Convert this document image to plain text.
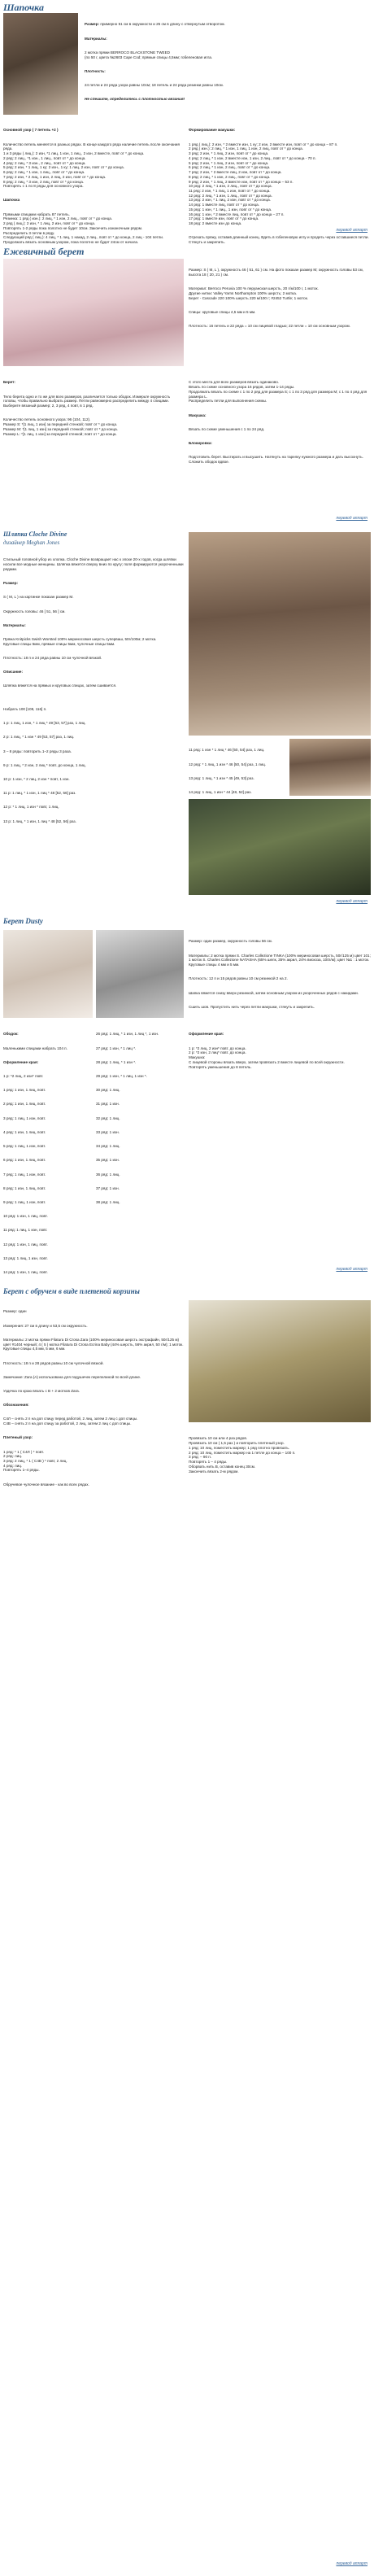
Шапочка

Размер: примерно 51 см в окружности и 25 см в длину с отвернутым отворотом.

Материалы:

2 мотка пряжи BERROCO BLACKSTONE TWEED
(по 50 г, цвета №2603 Cape Cod; прямые спицы 4,5мм; гобеленовая игла.

Плотность:

24 петли и 24 ряда узора равны 10см; 18 петель и 24 ряда резинки равны 10см.

Не спешите, определитесь с плотностью вязания!

Основной узор ( 7 петель +2 )

Количество петель меняется в разных рядах. В конце каждого ряда наличие петель после окончания ряда.
1 и 3 ряды ( лиц.): 2 изн, *1 лиц, 1 изн, 1 лиц., 2 изн, 2 вместе, повт от * до конца.
2 ряд: 2 лиц., *1 изн., 1 лиц., повт от * до конца.
4 ряд: 2 лиц, * 3 изн., 2 лиц., повт от * до конца.
5 ряд: 2 изн, * 1 лиц, 1 ку; 2 изн., 1 ку; 1 лиц, 2 изн, повт от * до конца.
6 ряд: 2 лиц, * 1 изн, 1 лиц., повт от * до конца.
7 ряд: 2 изн, * 2 лиц, 1 изн, 2 лиц, 2 изн, повт от * до конца.
8 ряд: 2 лиц, * 3 изн, 2 лиц, повт от * до конца.
Повторять с 1 по 8 ряды для основного узора.

Шапочка

Прямыми спицами набрать 87 петель.
Резинка: 1 ряд ( изн.): 2 лиц, * 1 изн, 2 лиц., повт от * до конца.
2 ряд ( лиц.): 2 изн, * 1 лиц, 2 изн, повт от * до конца.
Повторять 1-2 ряды пока полотно не будет 10см. Закончить изнаночным рядом.
Распределить 3 петли в ряду.
Следующий ряд ( лиц.): 4 лиц, * 1 лиц, 1 накид, 2 лиц., повт от * до конца, 2 лиц - 104 петли.
Продолжать вязать основным узором, пока полотно не будет 24см от начала.

Формирование макушки:

1 ряд ( лиц.): 2 изн, * 2 вместе изн, 1 ку; 2 изн, 2 вместе изн, повт от * до конца – 87 п.
2 ряд ( изн.): 2 лиц, * 1 изн, 1 лиц, 1 изн, 2 лиц, повт от * до конца.
3 ряд: 2 изн, * 1 лиц, 2 изн, повт от * до конца.
4 ряд: 2 лиц, * 1 изн, 2 вместе изн, 1 изн, 2 лиц., повт от * до конца - 70 п.
5 ряд: 2 изн, * 1 лиц, 2 изн, повт от * до конца.
6 ряд: 2 лиц, * 1 изн, 2 лиц., повт от * до конца.
7 ряд: 2 изн, * 2 вместе лиц, 2 изн, повт от * до конца.
8 ряд: 2 лиц, * 1 изн, 2 лиц., повт от * до конца.
9 ряд: 2 изн, * 1 лиц, 2 вместе изн, повт от * до конца – 53 п.
10 ряд: 2 лиц, * 1 изн, 2 лиц., повт от * до конца.
11 ряд: 2 изн, * 1 лиц, 1 изн, повт от * до конца.
12 ряд: 2 лиц, * 1 изн, 1 лиц., повт от * до конца.
13 ряд: 2 изн, * 1 лиц, 2 изн, повт от * до конца.
14 ряд: 1 вместе лиц, повт от * до конца.
15 ряд: 1 изн, * 1 лиц., 1 изн, повт от * до конца.
16 ряд: 1 изн, * 2 вместе лиц, повт от * до конца – 27 п.
17 ряд: 1 вместе изн, повт от * до конца.
18 ряд: 2 вместе изн до конца.

Отрезать пряжу, оставив длинный конец. Вдеть в гобеленовую иглу и продеть через оставшиеся петли. Стянуть и закрепить.

перевод апларт
Ежевичный берет

Размер: S ( M, L ), окружность 46 ( 51, 61 ) см. На фото показан размер M; окружность головы 53 см, высота 18 ( 20, 21 ) см.

Материал: Berroco Peruvia 100 % перуанская шерсть, 20 г/м/100 г, 1 моток.
Другие нитки: Valley Yarns Northampton 100% шерсть; 2 мотка.
Берет - Cascade 220 100% шерсть 220 м/100 г; #2452 Turtle; 1 моток.

Спицы: круговые спицы 4,5 мм и 5 мм.

Плотность: 16 петель и 22 ряда = 10 см лицевой гладью; 22 петли = 10 см основным узором.

Берет:

Тело берета одно и то же для всех размеров, различается только ободок. Измерьте окружность головы, чтобы правильно выбрать размер. Петли равномерно распределить между 4 спицами.
Выберите вязаный размер; 2, 3 ряд, 4 повт, в 1 ряд.

Количество петель основного узора: 96 (104, 112).
Размер S: *[1 лиц, 1 изн] за передней стенкой; повт от * до конца.
Размер M: *[1 лиц, 1 изн] за передней стенкой; повт от * до конца.
Размер L: *[1 лиц, 1 изн] за передней стенкой; повт от * до конца.

С этого места для всех размеров вязать одинаково.
Вязать по схеме основного узора 16 рядов, затем 1-14 ряды.
Продолжать вязать по схеме с 1 по 2 ряд для размера S; с 1 по 3 ряд для размера M; с 1 по 4 ряд для размера L.
Распределить петли для выполнения схемы.

Макушка:

Вязать по схеме уменьшения с 1 по 24 ряд.

Блокировка:

Подготовить берет. Выстирать и высушить. Натянуть на тарелку нужного размера и дать высохнуть. Сложить ободок вдвое.

перевод апларт
Шляпка Cloche Divine
дизайнер Meghan Jones

Стильный головной убор из хлопка. Cloche Divine возвращает нас к эпохе 20-х годов, когда шляпки носили все модные женщины. Шляпка вяжется сверху вниз по кругу; поля формируются укороченными рядами.

Размер:

S ( M, L ) на картинке показан размер M.

Окружность головы: 46 [ 51, 56 ] см.

Материалы:

Пряжа Knitpicks Swish Worsted 100% мериносовая шерсть суперваш, 50г/100м; 2 мотка.
Круговые спицы 5мм, прямые спицы 5мм, чулочные спицы 5мм.

Плотность: 18 п и 24 ряда равны 10 см чулочной вязкой.

Описание:

Шляпка вяжется на прямых и круговых спицах, затем сшивается.

Набрать 100 [108, 116] п.

1 р: 1 лиц, 1 изн, * 1 лиц * 49 [53, 57] раз, 1 лиц.

2 р: 1 лиц, * 1 изн * 49 [53, 57] раз, 1 лиц.

3 – 8 ряды: повторить 1–2 ряды 3 раза.

9 р: 1 лиц, * 2 изн, 2 лиц * повт. до конца, 1 лиц.

10 р: 1 изн, * 2 лиц, 2 изн * повт, 1 изн.

11 р: 1 лиц, * 1 изн, 1 лиц * 48 [52, 56] раз.

12 р: * 1 лиц, 1 изн * повт, 1 лиц.

13 р: 1 лиц, * 1 изн, 1 лиц * 48 [52, 56] раз.

11 ряд: 1 изн * 1 лиц * 46 [50, 54] раз, 1 лиц.

12 ряд: * 1 лиц, 1 изн * 46 [50, 54] раз, 1 лиц.

13 ряд: 1 лиц, * 1 изн * 45 [49, 53] раз.

14 ряд: 1 лиц, 1 изн * 44 [48, 52] раз.

перевод апларт
Берет Dusty

Размер: один размер, окружность головы 56 см.

Материалы: 2 мотка пряжи S. Charles Collezione TINKA (100% мериносовая шерсть, 50г/125 м) цвет 101; 1 моток S. Charles Collezione NATASHA (65% шелк, 35% акрил, 24% вискоза, 100г/м); цвет №1 : 1 моток. Круговые спицы 4 мм и 5 мм.

Плотность: 12 п и 15 рядов равны 10 см резинкой 2 на 2.

Шапка вяжется снизу вверх резинкой, затем основным узором из укороченных рядов с накидами.

Сшить шов. Пропустить нить через петли макушки, стянуть и закрепить.

Ободок:

Маленькими спицами набрать 104 п.

Оформление края:

1 р: *2 лиц, 2 изн* повт.

1 ряд: 1 изн, 1 лиц, повт.

2 ряд: 1 изн, 1 лиц, повт.

3 ряд: 1 лиц, 1 изн, повт.

4 ряд: 1 изн, 1 лиц, повт.

5 ряд: 1 лиц, 1 изн, повт.

6 ряд: 1 изн, 1 лиц, повт.

7 ряд: 1 лиц, 1 изн, повт.

8 ряд: 1 изн, 1 лиц, повт.

9 ряд: 1 лиц, 1 изн, повт.

10 ряд: 1 изн, 1 лиц, повт.

11 ряд: 1 лиц, 1 изн, повт.

12 ряд: 1 изн, 1 лиц, повт.

13 ряд: 1 лиц, 1 изн, повт.

14 ряд: 1 изн, 1 лиц, повт.

26 ряд: 1 лиц, * 1 изн, 1 лиц *, 1 изн.

27 ряд: 1 изн, * 1 лиц *.

28 ряд: 1 лиц, * 1 изн *.

29 ряд: 1 изн, * 1 лиц, 1 изн *.

30 ряд: 1 лиц.

31 ряд: 1 изн.

32 ряд: 1 лиц.

33 ряд: 1 изн.

34 ряд: 1 лиц.

35 ряд: 1 изн.

36 ряд: 1 лиц.

37 ряд: 1 изн.

38 ряд: 1 лиц.

Оформление края:

1 р: *2 лиц, 2 изн* повт. до конца.
2 р: *2 изн, 2 лиц* повт. до конца.
Макушка:
С лицевой стороны вязать вверх, затем провязать 2 вместе лицевой по всей окружности.
Повторять уменьшения до 8 петель.

перевод апларт
Берет с обручем в виде плетеной корзины

Размер: один

Измерения: 27 см в длину и 53,5 см окружность.

Материалы: 2 мотка пряжи Filatura Di Crosa Zara (100% мериносовая шерсть экстрафайн, 50г/125 м) цвет #1404 черный; 4 ( 5 ) мотка Filatura Di Crosa Ecrina Baby (44% шерсть, 56% акрил, 50 г/м); 1 моток.
Круговые спицы 4,5 мм, 5 мм, 6 мм.

Плотность: 18 п и 28 рядов равны 10 см чулочной вязкой.

Замечание: Zara (A) использована для подушечек перепелиной по всей длине.

Уздечка по краю вязать с В + 2 мотков Zara.

Обозначения:

С4Л – снять 2 п на доп спицу перед работой, 2 лиц, затем 2 лиц с доп спицы.
С4В – снять 2 п на доп спицу за работой, 2 лиц, затем 2 лиц с доп спицы.

Плетеный узор:

1 ряд: * 1 ( С4Л ) * повт.
2 ряд: лиц.
3 ряд: 2 лиц, * 1 ( С4В ) * повт, 2 лиц.
4 ряд: лиц.
Повторять 1–4 ряды.

Обручевое чулочное вязание - как во всех рядах.

Провязать 10 см или 4 раз рядов.
Провязать 10 см ( 1,5 раз ) и повторить плетеный узор.
1 ряд: 10 лиц, поместить маркер; 1 ряд плотно провязать.
2 ряд: 10 лиц, поместить маркер на 1 петле до конца – 100 п.
3 ряд: – 90 п.
Повторять 1 – 4 ряды.
Оборвать нить В, оставив конец 30см.
Закончить вязать 2-м рядом.

перевод апларт
